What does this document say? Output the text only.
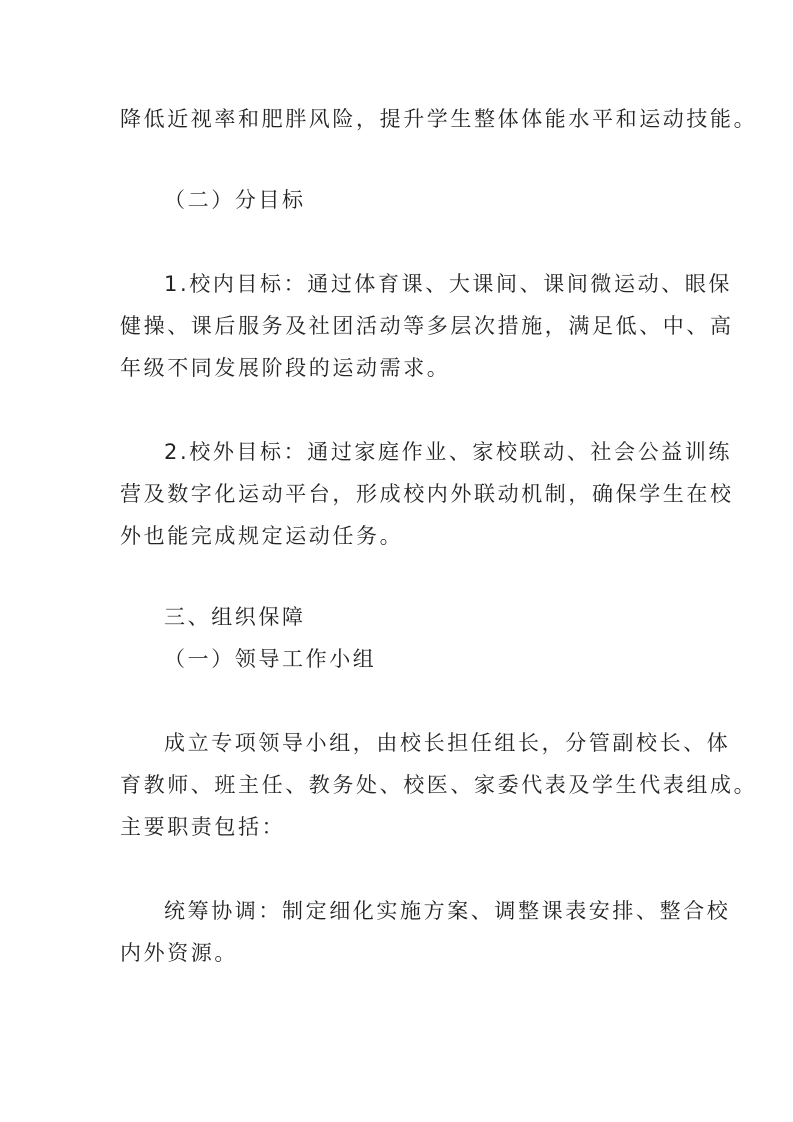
降低近视率和肥胖风险，提升学生整体体能水平和运动技能。
（二）分目标
1.校内目标：通过体育课、大课间、课间微运动、眼保
健操、课后服务及社团活动等多层次措施，满足低、中、高
年级不同发展阶段的运动需求。
2.校外目标：通过家庭作业、家校联动、社会公益训练
营及数字化运动平台，形成校内外联动机制，确保学生在校
外也能完成规定运动任务。
三、组织保障
（一）领导工作小组
成立专项领导小组，由校长担任组长，分管副校长、体
育教师、班主任、教务处、校医、家委代表及学生代表组成。
主要职责包括：
统筹协调：制定细化实施方案、调整课表安排、整合校
内外资源。
